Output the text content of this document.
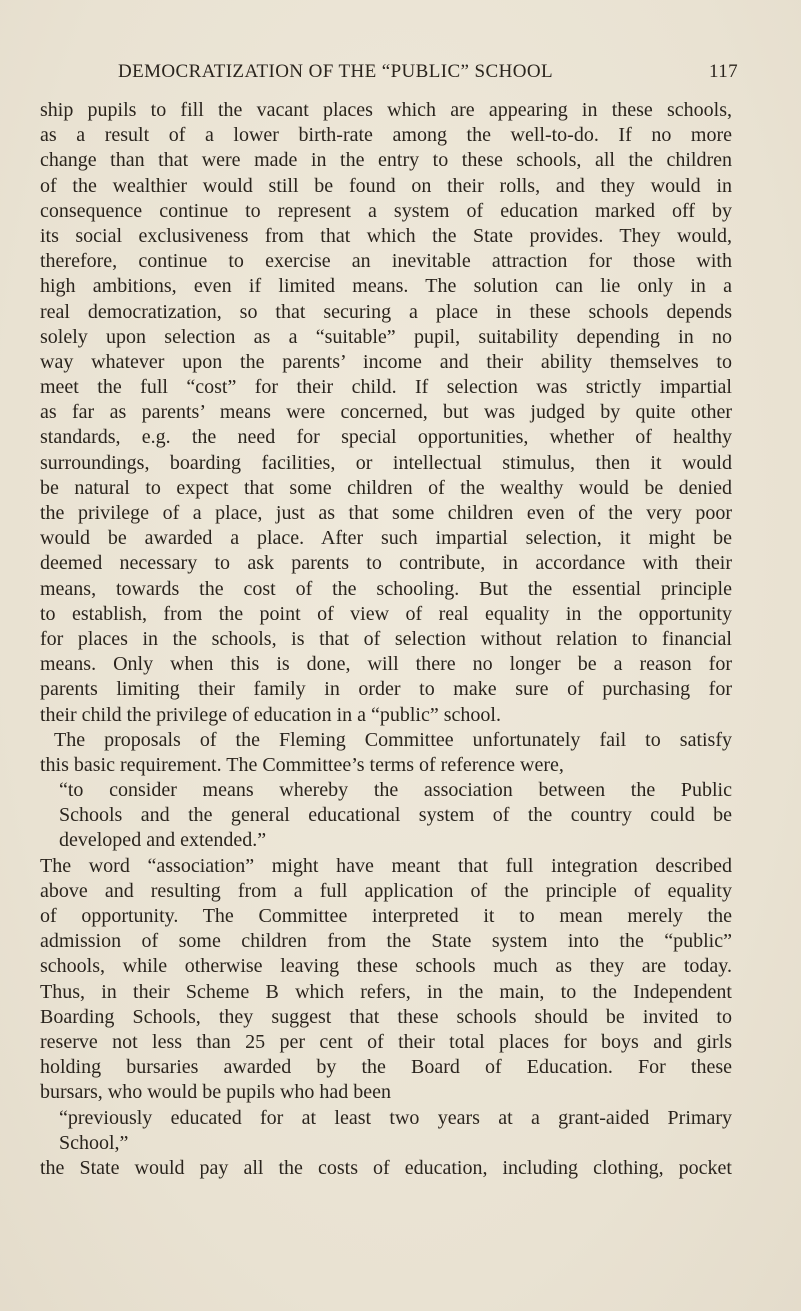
DEMOCRATIZATION OF THE “PUBLIC” SCHOOL	117
ship pupils to fill the vacant places which are appearing in these schools,
as a result of a lower birth-rate among the well-to-do. If no more
change than that were made in the entry to these schools, all the children
of the wealthier would still be found on their rolls, and they would in
consequence continue to represent a system of education marked off by
its social exclusiveness from that which the State provides. They would,
therefore, continue to exercise an inevitable attraction for those with
high ambitions, even if limited means. The solution can lie only in a
real democratization, so that securing a place in these schools depends
solely upon selection as a “suitable” pupil, suitability depending in no
way whatever upon the parents’ income and their ability themselves to
meet the full “cost” for their child. If selection was strictly impartial
as far as parents’ means were concerned, but was judged by quite other
standards, e.g. the need for special opportunities, whether of healthy
surroundings, boarding facilities, or intellectual stimulus, then it would
be natural to expect that some children of the wealthy would be denied
the privilege of a place, just as that some children even of the very poor
would be awarded a place. After such impartial selection, it might be
deemed necessary to ask parents to contribute, in accordance with their
means, towards the cost of the schooling. But the essential principle
to establish, from the point of view of real equality in the opportunity
for places in the schools, is that of selection without relation to financial
means. Only when this is done, will there no longer be a reason for
parents limiting their family in order to make sure of purchasing for
their child the privilege of education in a “public” school.
The proposals of the Fleming Committee unfortunately fail to satisfy
this basic requirement. The Committee’s terms of reference were,
“to consider means whereby the association between the Public
Schools and the general educational system of the country could be
developed and extended.”
The word “association” might have meant that full integration described
above and resulting from a full application of the principle of equality
of opportunity. The Committee interpreted it to mean merely the
admission of some children from the State system into the “public”
schools, while otherwise leaving these schools much as they are today.
Thus, in their Scheme B which refers, in the main, to the Independent
Boarding Schools, they suggest that these schools should be invited to
reserve not less than 25 per cent of their total places for boys and girls
holding bursaries awarded by the Board of Education. For these
bursars, who would be pupils who had been
“previously educated for at least two years at a grant-aided Primary
School,”
the State would pay all the costs of education, including clothing, pocket
